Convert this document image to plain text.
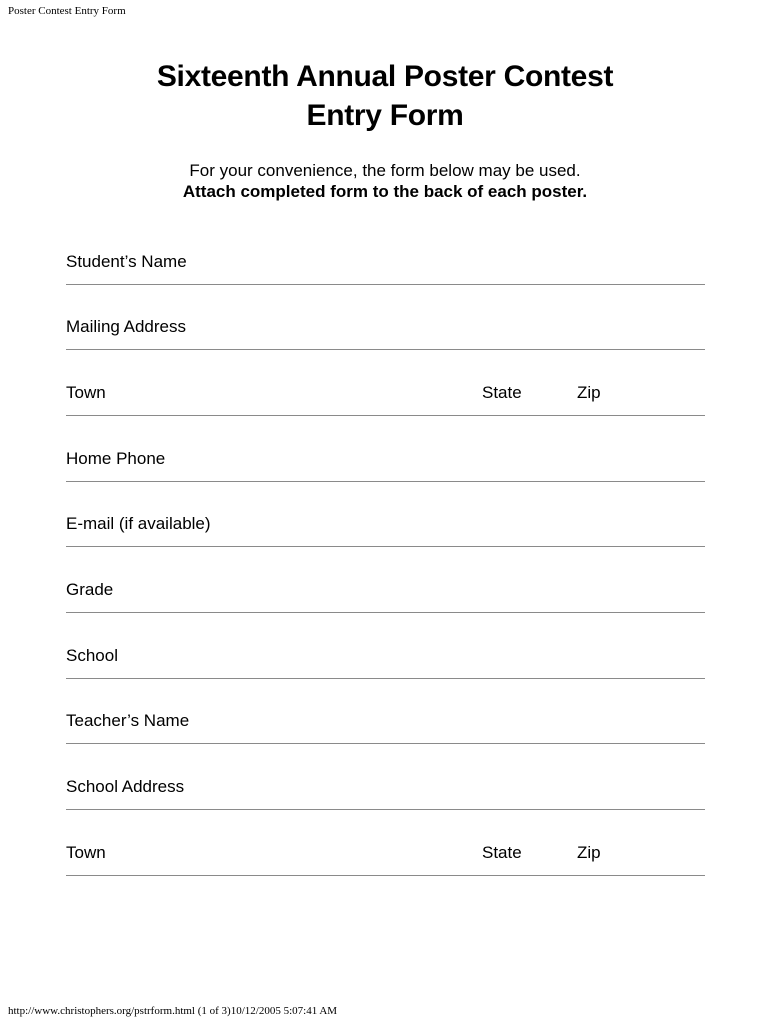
Poster Contest Entry Form
Sixteenth Annual Poster Contest
Entry Form
For your convenience, the form below may be used.
Attach completed form to the back of each poster.
Student’s Name
Mailing Address
Town	State	Zip
Home Phone
E-mail (if available)
Grade
School
Teacher’s Name
School Address
Town	State	Zip
http://www.christophers.org/pstrform.html (1 of 3)10/12/2005 5:07:41 AM
